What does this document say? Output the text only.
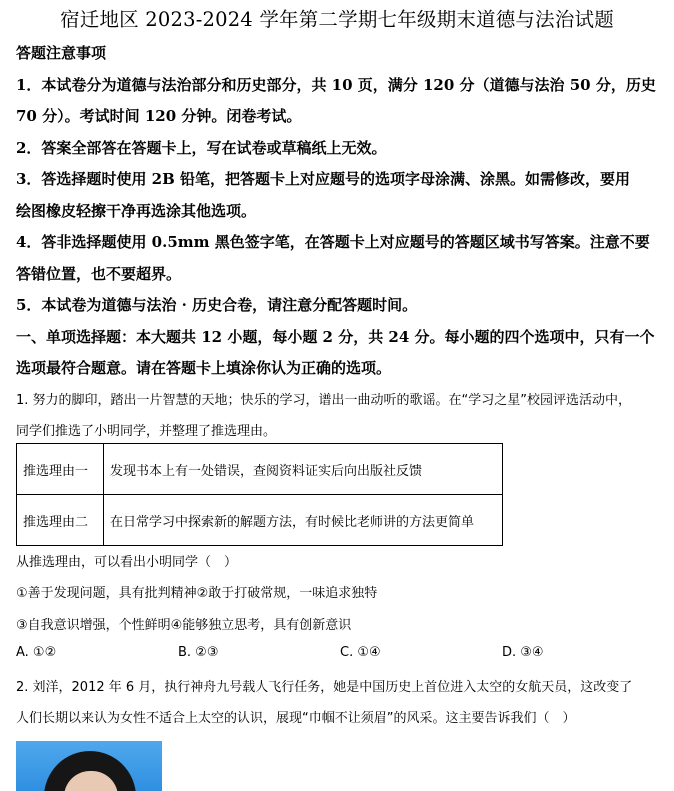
宿迁地区 2023-2024 学年第二学期七年级期末道德与法治试题
答题注意事项
1．本试卷分为道德与法治部分和历史部分，共 10 页，满分 120 分（道德与法治 50 分，历史
70 分）。考试时间 120 分钟。闭卷考试。
2．答案全部答在答题卡上，写在试卷或草稿纸上无效。
3．答选择题时使用 2B 铅笔，把答题卡上对应题号的选项字母涂满、涂黑。如需修改，要用
绘图橡皮轻擦干净再选涂其他选项。
4．答非选择题使用 0.5mm 黑色签字笔，在答题卡上对应题号的答题区域书写答案。注意不要
答错位置，也不要超界。
5．本试卷为道德与法治 · 历史合卷，请注意分配答题时间。
一、单项选择题：本大题共 12 小题，每小题 2 分，共 24 分。每小题的四个选项中，只有一个
选项最符合题意。请在答题卡上填涂你认为正确的选项。
1. 努力的脚印，踏出一片智慧的天地；快乐的学习，谱出一曲动听的歌谣。在“学习之星”校园评选活动中，
同学们推选了小明同学，并整理了推选理由。
推选理由一	发现书本上有一处错误，查阅资料证实后向出版社反馈
推选理由二	在日常学习中探索新的解题方法，有时候比老师讲的方法更简单
从推选理由，可以看出小明同学（　）
①善于发现问题，具有批判精神②敢于打破常规，一味追求独特
③自我意识增强，个性鲜明④能够独立思考，具有创新意识
A. ①②	B. ②③	C. ①④	D. ③④
2. 刘洋，2012 年 6 月，执行神舟九号载人飞行任务，她是中国历史上首位进入太空的女航天员，这改变了
人们长期以来认为女性不适合上太空的认识，展现“巾帼不让须眉”的风采。这主要告诉我们（　）
